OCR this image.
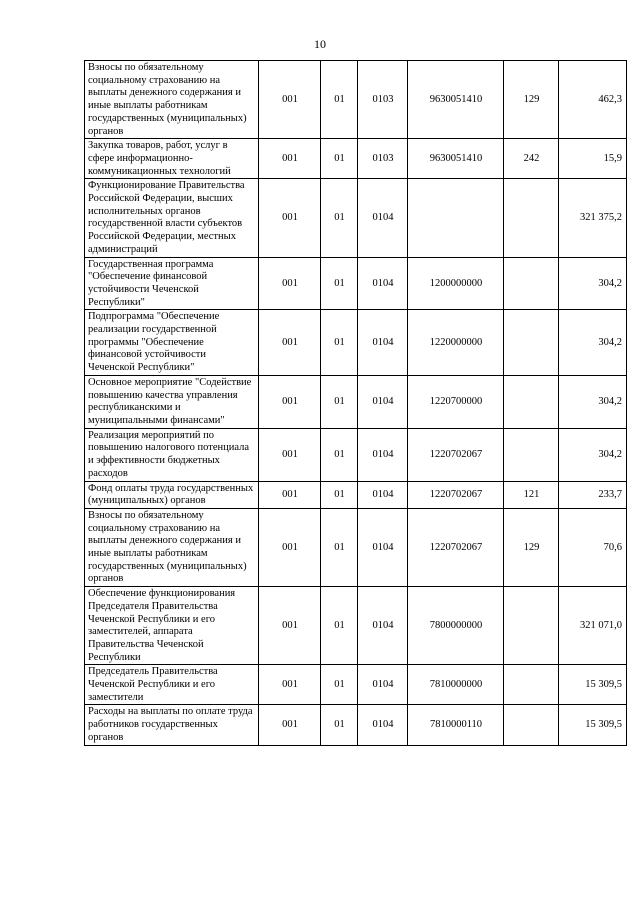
10
Взносы по обязательному социальному страхованию на выплаты денежного содержания и иные выплаты работникам государственных (муниципальных) органов	001	01	0103	9630051410	129	462,3
Закупка товаров, работ, услуг в сфере информационно-коммуникационных технологий	001	01	0103	9630051410	242	15,9
Функционирование Правительства Российской Федерации, высших исполнительных органов государственной власти субъектов Российской Федерации, местных администраций	001	01	0104			321 375,2
Государственная программа "Обеспечение финансовой устойчивости Чеченской Республики"	001	01	0104	1200000000		304,2
Подпрограмма "Обеспечение реализации государственной программы "Обеспечение финансовой устойчивости Чеченской Республики"	001	01	0104	1220000000		304,2
Основное мероприятие "Содействие повышению качества управления республиканскими и муниципальными финансами"	001	01	0104	1220700000		304,2
Реализация мероприятий по повышению налогового потенциала и эффективности бюджетных расходов	001	01	0104	1220702067		304,2
Фонд оплаты труда государственных (муниципальных) органов	001	01	0104	1220702067	121	233,7
Взносы по обязательному социальному страхованию на выплаты денежного содержания и иные выплаты работникам государственных (муниципальных) органов	001	01	0104	1220702067	129	70,6
Обеспечение функционирования Председателя Правительства Чеченской Республики и его заместителей, аппарата Правительства Чеченской Республики	001	01	0104	7800000000		321 071,0
Председатель Правительства Чеченской Республики и его заместители	001	01	0104	7810000000		15 309,5
Расходы на выплаты по оплате труда работников государственных органов	001	01	0104	7810000110		15 309,5
